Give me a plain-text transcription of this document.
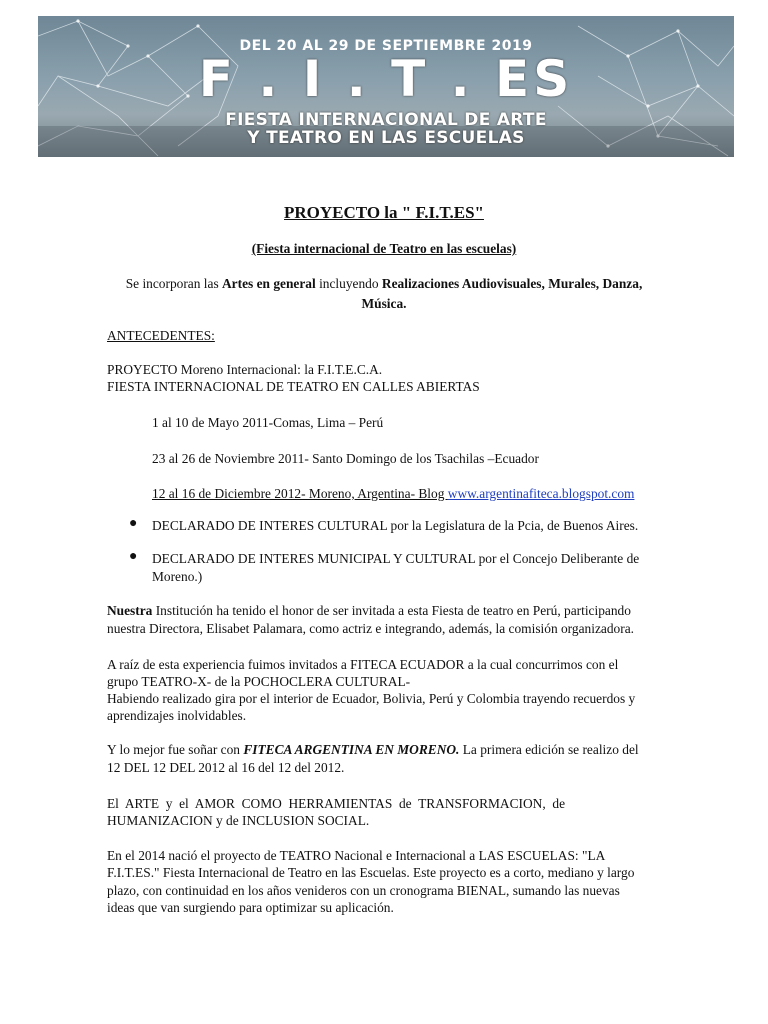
DEL 20 AL 29 DE SEPTIEMBRE 2019
F . I . T . ES
FIESTA INTERNACIONAL DE ARTE
Y TEATRO EN LAS ESCUELAS
PROYECTO la " F.I.T.ES"
(Fiesta internacional de Teatro en las escuelas)
Se incorporan las Artes en general incluyendo Realizaciones Audiovisuales, Murales, Danza,
Música.
ANTECEDENTES:
PROYECTO Moreno Internacional: la F.I.T.E.C.A.
FIESTA INTERNACIONAL DE TEATRO EN CALLES ABIERTAS
1 al 10 de Mayo 2011-Comas, Lima – Perú
23 al 26 de Noviembre 2011- Santo Domingo de los Tsachilas –Ecuador
12 al 16 de Diciembre 2012- Moreno, Argentina- Blog www.argentinafiteca.blogspot.com
● DECLARADO DE INTERES CULTURAL por la Legislatura de la Pcia, de Buenos Aires.
● DECLARADO DE INTERES MUNICIPAL Y CULTURAL por el Concejo Deliberante de
Moreno.)
Nuestra Institución ha tenido el honor de ser invitada a esta Fiesta de teatro en Perú, participando
nuestra Directora, Elisabet Palamara, como actriz e integrando, además, la comisión organizadora.
A raíz de esta experiencia fuimos invitados a FITECA ECUADOR a la cual concurrimos con el
grupo TEATRO-X- de la POCHOCLERA CULTURAL-
Habiendo realizado gira por el interior de Ecuador, Bolivia, Perú y Colombia trayendo recuerdos y
aprendizajes inolvidables.
Y lo mejor fue soñar con FITECA ARGENTINA EN MORENO. La primera edición se realizo del
12 DEL 12 DEL 2012 al 16 del 12 del 2012.
El  ARTE  y  el  AMOR  COMO  HERRAMIENTAS  de  TRANSFORMACION,  de
HUMANIZACION y de INCLUSION SOCIAL.
En el 2014 nació el proyecto de TEATRO Nacional e Internacional a LAS ESCUELAS: "LA
F.I.T.ES." Fiesta Internacional de Teatro en las Escuelas. Este proyecto es a corto, mediano y largo
plazo, con continuidad en los años venideros con un cronograma BIENAL, sumando las nuevas
ideas que van surgiendo para optimizar su aplicación.
